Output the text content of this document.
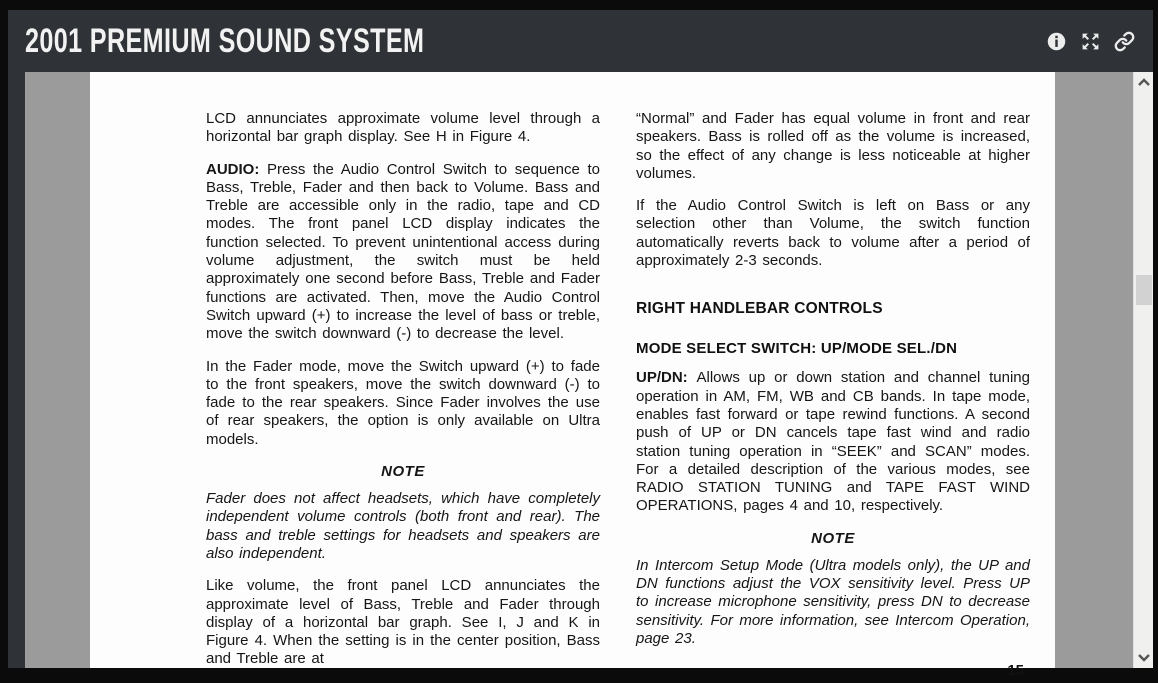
2001 PREMIUM SOUND SYSTEM

LCD annunciates approximate volume level through a horizontal bar graph display. See H in Figure 4.

AUDIO: Press the Audio Control Switch to sequence to Bass, Treble, Fader and then back to Volume. Bass and Treble are accessible only in the radio, tape and CD modes. The front panel LCD display indicates the function selected. To prevent unintentional access during volume adjustment, the switch must be held approximately one second before Bass, Treble and Fader functions are activated. Then, move the Audio Control Switch upward (+) to increase the level of bass or treble, move the switch downward (-) to decrease the level.

In the Fader mode, move the Switch upward (+) to fade to the front speakers, move the switch downward (-) to fade to the rear speakers. Since Fader involves the use of rear speakers, the option is only available on Ultra models.

NOTE

Fader does not affect headsets, which have completely independent volume controls (both front and rear). The bass and treble settings for headsets and speakers are also independent.

Like volume, the front panel LCD annunciates the approximate level of Bass, Treble and Fader through display of a horizontal bar graph. See I, J and K in Figure 4. When the setting is in the center position, Bass and Treble are at

“Normal” and Fader has equal volume in front and rear speakers. Bass is rolled off as the volume is increased, so the effect of any change is less noticeable at higher volumes.

If the Audio Control Switch is left on Bass or any selection other than Volume, the switch function automatically reverts back to volume after a period of approximately 2-3 seconds.

RIGHT HANDLEBAR CONTROLS
MODE SELECT SWITCH: UP/MODE SEL./DN

UP/DN: Allows up or down station and channel tuning operation in AM, FM, WB and CB bands. In tape mode, enables fast forward or tape rewind functions. A second push of UP or DN cancels tape fast wind and radio station tuning operation in “SEEK” and SCAN” modes. For a detailed description of the various modes, see RADIO STATION TUNING and TAPE FAST WIND OPERATIONS, pages 4 and 10, respectively.

NOTE

In Intercom Setup Mode (Ultra models only), the UP and DN functions adjust the VOX sensitivity level. Press UP to increase microphone sensitivity, press DN to decrease sensitivity. For more information, see Intercom Operation, page 23.

15
